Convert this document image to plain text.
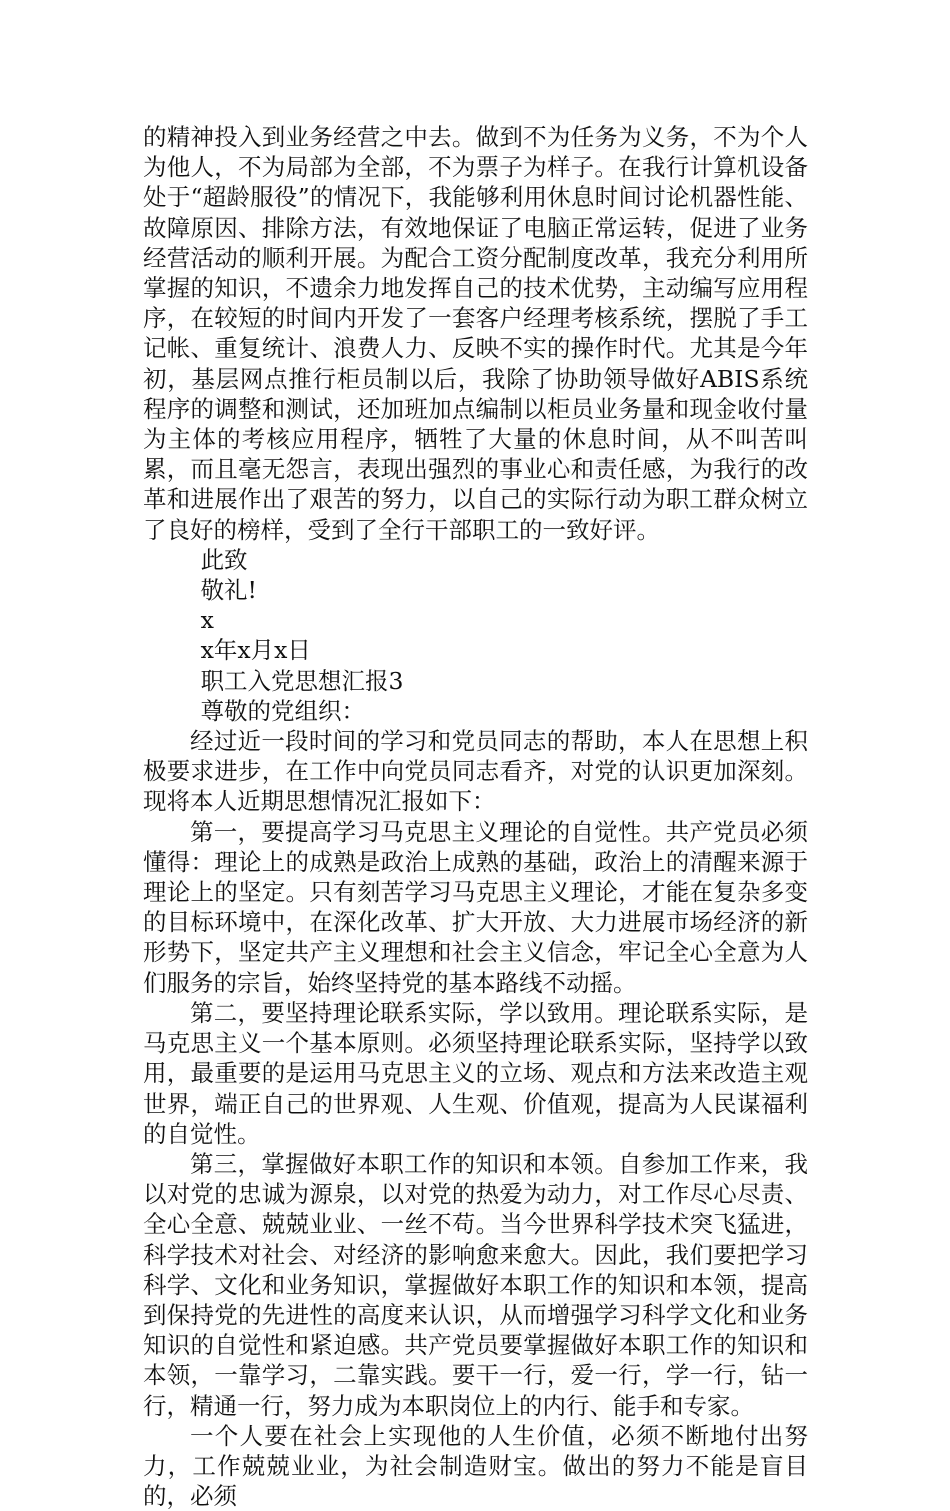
的精神投入到业务经营之中去。做到不为任务为义务，不为个人为他人，不为局部为全部，不为票子为样子。在我行计算机设备处于“超龄服役”的情况下，我能够利用休息时间讨论机器性能、故障原因、排除方法，有效地保证了电脑正常运转，促进了业务经营活动的顺利开展。为配合工资分配制度改革，我充分利用所掌握的知识，不遗余力地发挥自己的技术优势，主动编写应用程序，在较短的时间内开发了一套客户经理考核系统，摆脱了手工记帐、重复统计、浪费人力、反映不实的操作时代。尤其是今年初，基层网点推行柜员制以后，我除了协助领导做好ABIS系统程序的调整和测试，还加班加点编制以柜员业务量和现金收付量为主体的考核应用程序，牺牲了大量的休息时间，从不叫苦叫累，而且毫无怨言，表现出强烈的事业心和责任感，为我行的改革和进展作出了艰苦的努力，以自己的实际行动为职工群众树立了良好的榜样，受到了全行干部职工的一致好评。

此致

敬礼!

x

x年x月x日

职工入党思想汇报3

尊敬的党组织：

经过近一段时间的学习和党员同志的帮助，本人在思想上积极要求进步，在工作中向党员同志看齐，对党的认识更加深刻。现将本人近期思想情况汇报如下：

第一，要提高学习马克思主义理论的自觉性。共产党员必须懂得：理论上的成熟是政治上成熟的基础，政治上的清醒来源于理论上的坚定。只有刻苦学习马克思主义理论，才能在复杂多变的目标环境中，在深化改革、扩大开放、大力进展市场经济的新形势下，坚定共产主义理想和社会主义信念，牢记全心全意为人们服务的宗旨，始终坚持党的基本路线不动摇。

第二，要坚持理论联系实际，学以致用。理论联系实际，是马克思主义一个基本原则。必须坚持理论联系实际，坚持学以致用，最重要的是运用马克思主义的立场、观点和方法来改造主观世界，端正自己的世界观、人生观、价值观，提高为人民谋福利的自觉性。

第三，掌握做好本职工作的知识和本领。自参加工作来，我以对党的忠诚为源泉，以对党的热爱为动力，对工作尽心尽责、全心全意、兢兢业业、一丝不苟。当今世界科学技术突飞猛进，科学技术对社会、对经济的影响愈来愈大。因此，我们要把学习科学、文化和业务知识，掌握做好本职工作的知识和本领，提高到保持党的先进性的高度来认识，从而增强学习科学文化和业务知识的自觉性和紧迫感。共产党员要掌握做好本职工作的知识和本领，一靠学习，二靠实践。要干一行，爱一行，学一行，钻一行，精通一行，努力成为本职岗位上的内行、能手和专家。

一个人要在社会上实现他的人生价值，必须不断地付出努力，工作兢兢业业，为社会制造财宝。做出的努力不能是盲目的，必须
